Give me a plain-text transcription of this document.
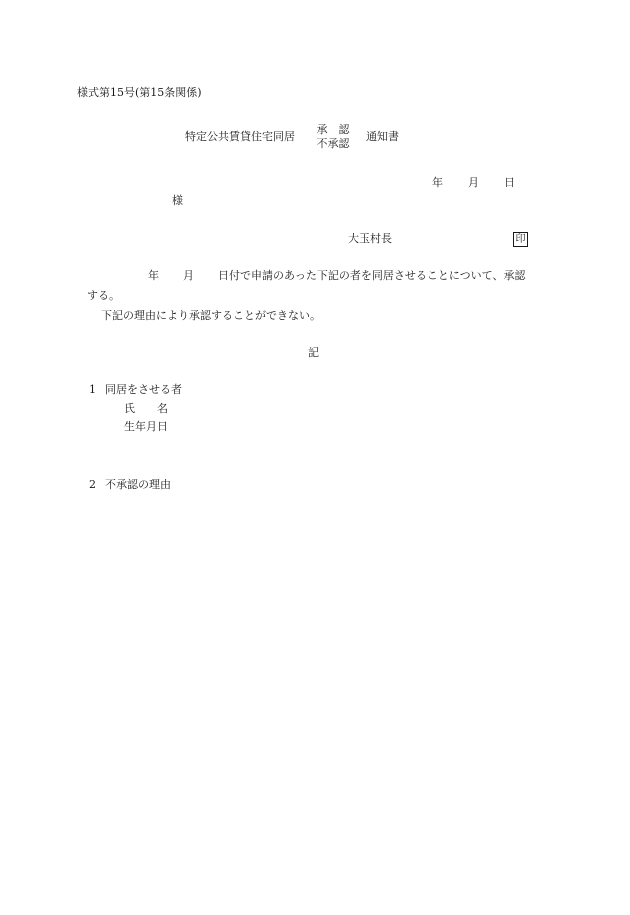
様式第15号(第15条関係)
特定公共賃貸住宅同居
承　認
不承認
通知書
年 月 日
様
大玉村長	印
年 月 日付で申請のあった下記の者を同居させることについて、承認
する。
下記の理由により承認することができない。
記
1 同居をさせる者
氏　　名
生年月日
2 不承認の理由
